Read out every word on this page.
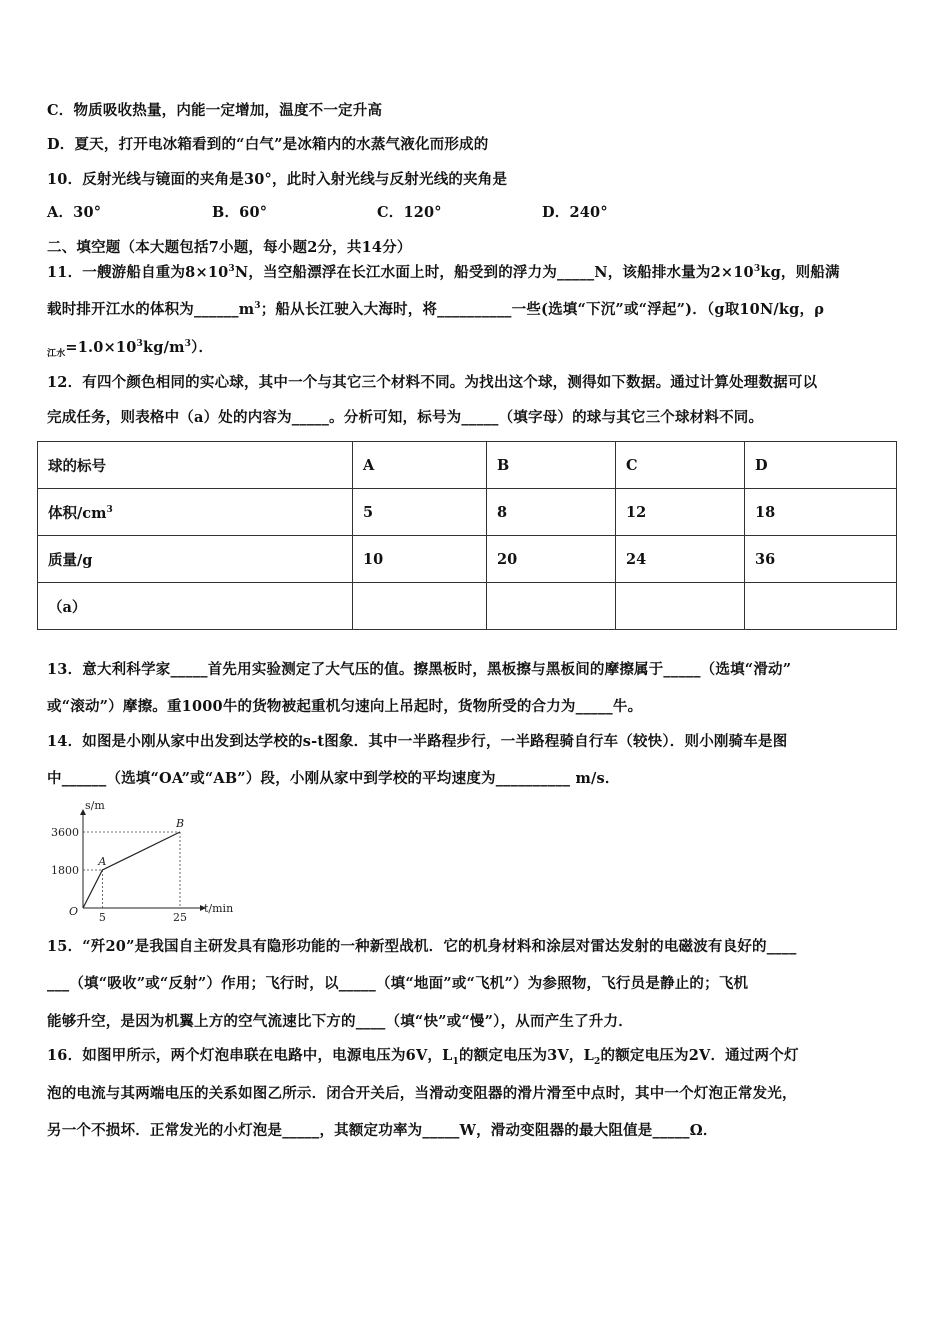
C．物质吸收热量，内能一定增加，温度不一定升高
D．夏天，打开电冰箱看到的“白气”是冰箱内的水蒸气液化而形成的
10．反射光线与镜面的夹角是30°，此时入射光线与反射光线的夹角是
A．30°	B．60°	C．120°	D．240°
二、填空题（本大题包括7小题，每小题2分，共14分）
11．一艘游船自重为$8\times 10^3N$，当空船漂浮在长江水面上时，船受到的浮力为_____N，该船排水量为$2\times 10^3kg$，则船满
载时排开江水的体积为$\_\_\_\_\_\_m^3$；船从长江驶入大海时，将__________一些(选填“下沉”或“浮起”)．（g取10N/kg，ρ
$_{江水}=1.0\times 10^3kg/m^3$）．
12．有四个颜色相同的实心球，其中一个与其它三个材料不同。为找出这个球，测得如下数据。通过计算处理数据可以
完成任务，则表格中（a）处的内容为_____。分析可知，标号为_____（填字母）的球与其它三个球材料不同。
球的标号	A	B	C	D
体积$/cm^3$	5	8	12	18
质量/g	10	20	24	36
（a）				
13．意大利科学家_____首先用实验测定了大气压的值。擦黑板时，黑板擦与黑板间的摩擦属于_____（选填“滑动”
或“滚动”）摩擦。重1000牛的货物被起重机匀速向上吊起时，货物所受的合力为_____牛。
14．如图是小刚从家中出发到达学校的s-t图象．其中一半路程步行，一半路程骑自行车（较快）．则小刚骑车是图
中______（选填“OA”或“AB”）段，小刚从家中到学校的平均速度为__________ m/s．
s/m
t/min
O
1800
3600
5	25
A
B
15．“歼20”是我国自主研发具有隐形功能的一种新型战机．它的机身材料和涂层对雷达发射的电磁波有良好的____
___（填“吸收”或“反射”）作用；飞行时，以_____（填“地面”或“飞机”）为参照物，飞行员是静止的；飞机
能够升空，是因为机翼上方的空气流速比下方的____（填“快”或“慢”），从而产生了升力．
16．如图甲所示，两个灯泡串联在电路中，电源电压为6V，$L_1$的额定电压为3V，$L_2$的额定电压为2V．通过两个灯
泡的电流与其两端电压的关系如图乙所示．闭合开关后，当滑动变阻器的滑片滑至中点时，其中一个灯泡正常发光，
另一个不损坏．正常发光的小灯泡是_____，其额定功率为_____W，滑动变阻器的最大阻值是_____Ω．
